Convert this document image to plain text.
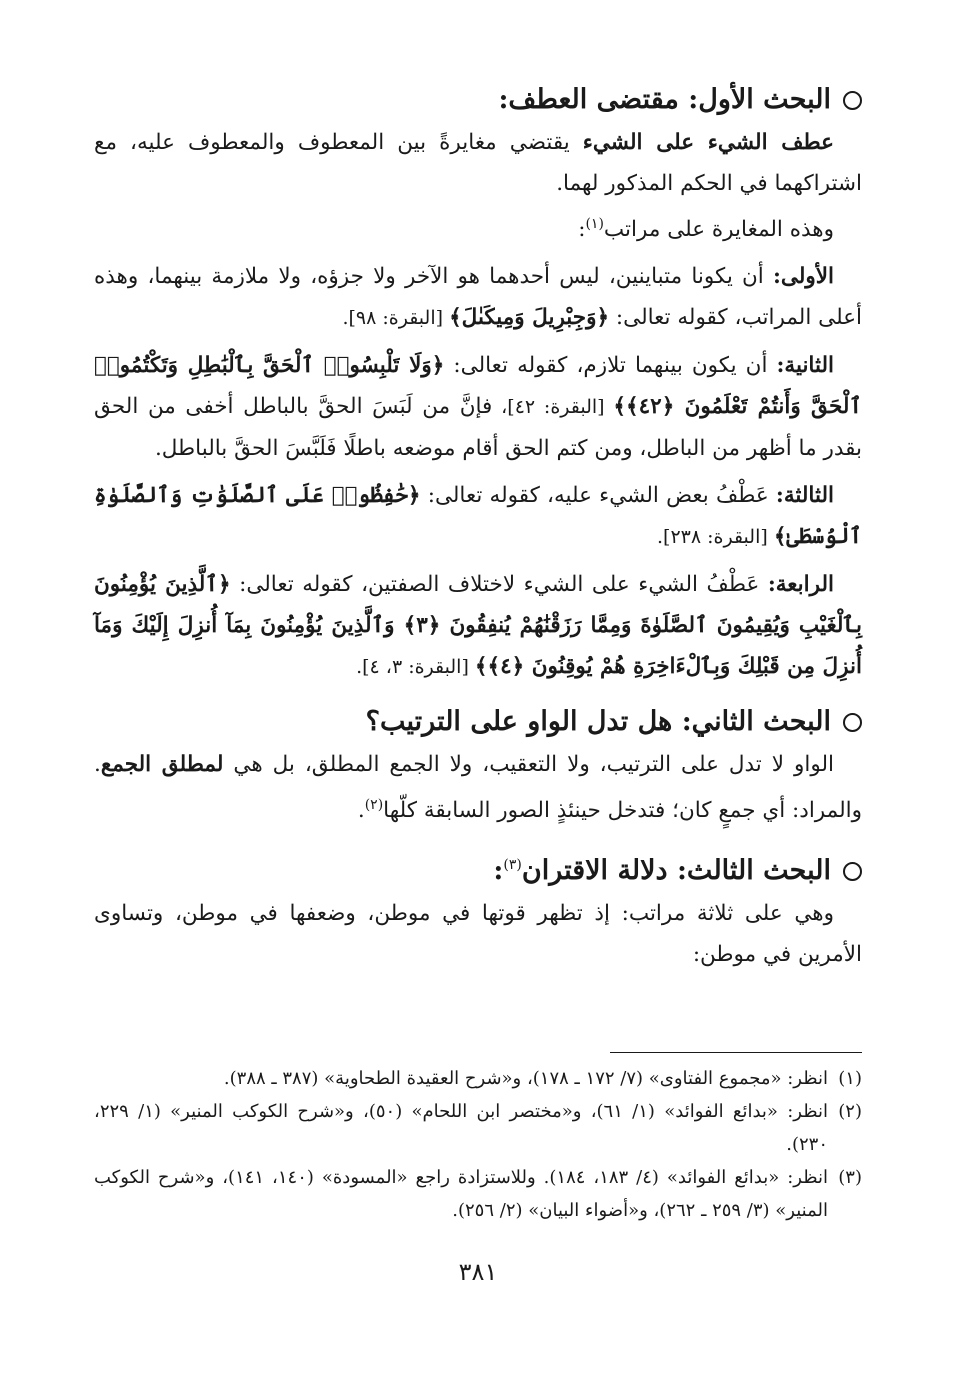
البحث الأول: مقتضى العطف:

عطف الشيء على الشيء يقتضي مغايرةً بين المعطوف والمعطوف عليه، مع اشتراكهما في الحكم المذكور لهما.

وهذه المغايرة على مراتب$^{(١)}$:

الأولى: أن يكونا متباينين، ليس أحدهما هو الآخر ولا جزؤه، ولا ملازمة بينهما، وهذه أعلى المراتب، كقوله تعالى: ﴿وَجِبْرِيلَ وَمِيكَىٰلَ﴾ [البقرة: ٩٨].

الثانية: أن يكون بينهما تلازم، كقوله تعالى: ﴿وَلَا تَلْبِسُوا۟ ٱلْحَقَّ بِٱلْبَٰطِلِ وَتَكْتُمُوا۟ ٱلْحَقَّ وَأَنتُمْ تَعْلَمُونَ ﴿٤٢﴾﴾ [البقرة: ٤٢]، فإنَّ من لَبَسَ الحقَّ بالباطل أخفى من الحق بقدر ما أظهر من الباطل، ومن كتم الحق أقام موضعه باطلًا فَلَبَّسَ الحقَّ بالباطل.

الثالثة: عَطْفُ بعض الشيء عليه، كقوله تعالى: ﴿حَٰفِظُوا۟ عَلَى ٱلصَّلَوَٰتِ وَٱلصَّلَوٰةِ ٱلْوُسْطَىٰ﴾ [البقرة: ٢٣٨].

الرابعة: عَطْفُ الشيء على الشيء لاختلاف الصفتين، كقوله تعالى: ﴿ٱلَّذِينَ يُؤْمِنُونَ بِٱلْغَيْبِ وَيُقِيمُونَ ٱلصَّلَوٰةَ وَمِمَّا رَزَقْنَٰهُمْ يُنفِقُونَ ﴿٣﴾ وَٱلَّذِينَ يُؤْمِنُونَ بِمَآ أُنزِلَ إِلَيْكَ وَمَآ أُنزِلَ مِن قَبْلِكَ وَبِٱلْءَاخِرَةِ هُمْ يُوقِنُونَ ﴿٤﴾﴾ [البقرة: ٣، ٤].

البحث الثاني: هل تدل الواو على الترتيب؟

الواو لا تدل على الترتيب، ولا التعقيب، ولا الجمع المطلق، بل هي لمطلق الجمع. والمراد: أي جمعٍ كان؛ فتدخل حينئذٍ الصور السابقة كلّها$^{(٢)}$.

البحث الثالث: دلالة الاقتران$^{(٣)}$:

وهي على ثلاثة مراتب: إذ تظهر قوتها في موطن، وضعفها في موطن، وتساوى الأمرين في موطن:

(١)
انظر: «مجموع الفتاوى» (٧/ ١٧٢ ـ ١٧٨)، و«شرح العقيدة الطحاوية» (٣٨٧ ـ ٣٨٨).

(٢)
انظر: «بدائع الفوائد» (١/ ٦١)، و«مختصر ابن اللحام» (٥٠)، و«شرح الكوكب المنير» (١/ ٢٢٩، ٢٣٠).

(٣)
انظر: «بدائع الفوائد» (٤/ ١٨٣، ١٨٤). وللاستزادة راجع «المسودة» (١٤٠، ١٤١)، و«شرح الكوكب المنير» (٣/ ٢٥٩ ـ ٢٦٢)، و«أضواء البيان» (٢/ ٢٥٦).

٣٨١
